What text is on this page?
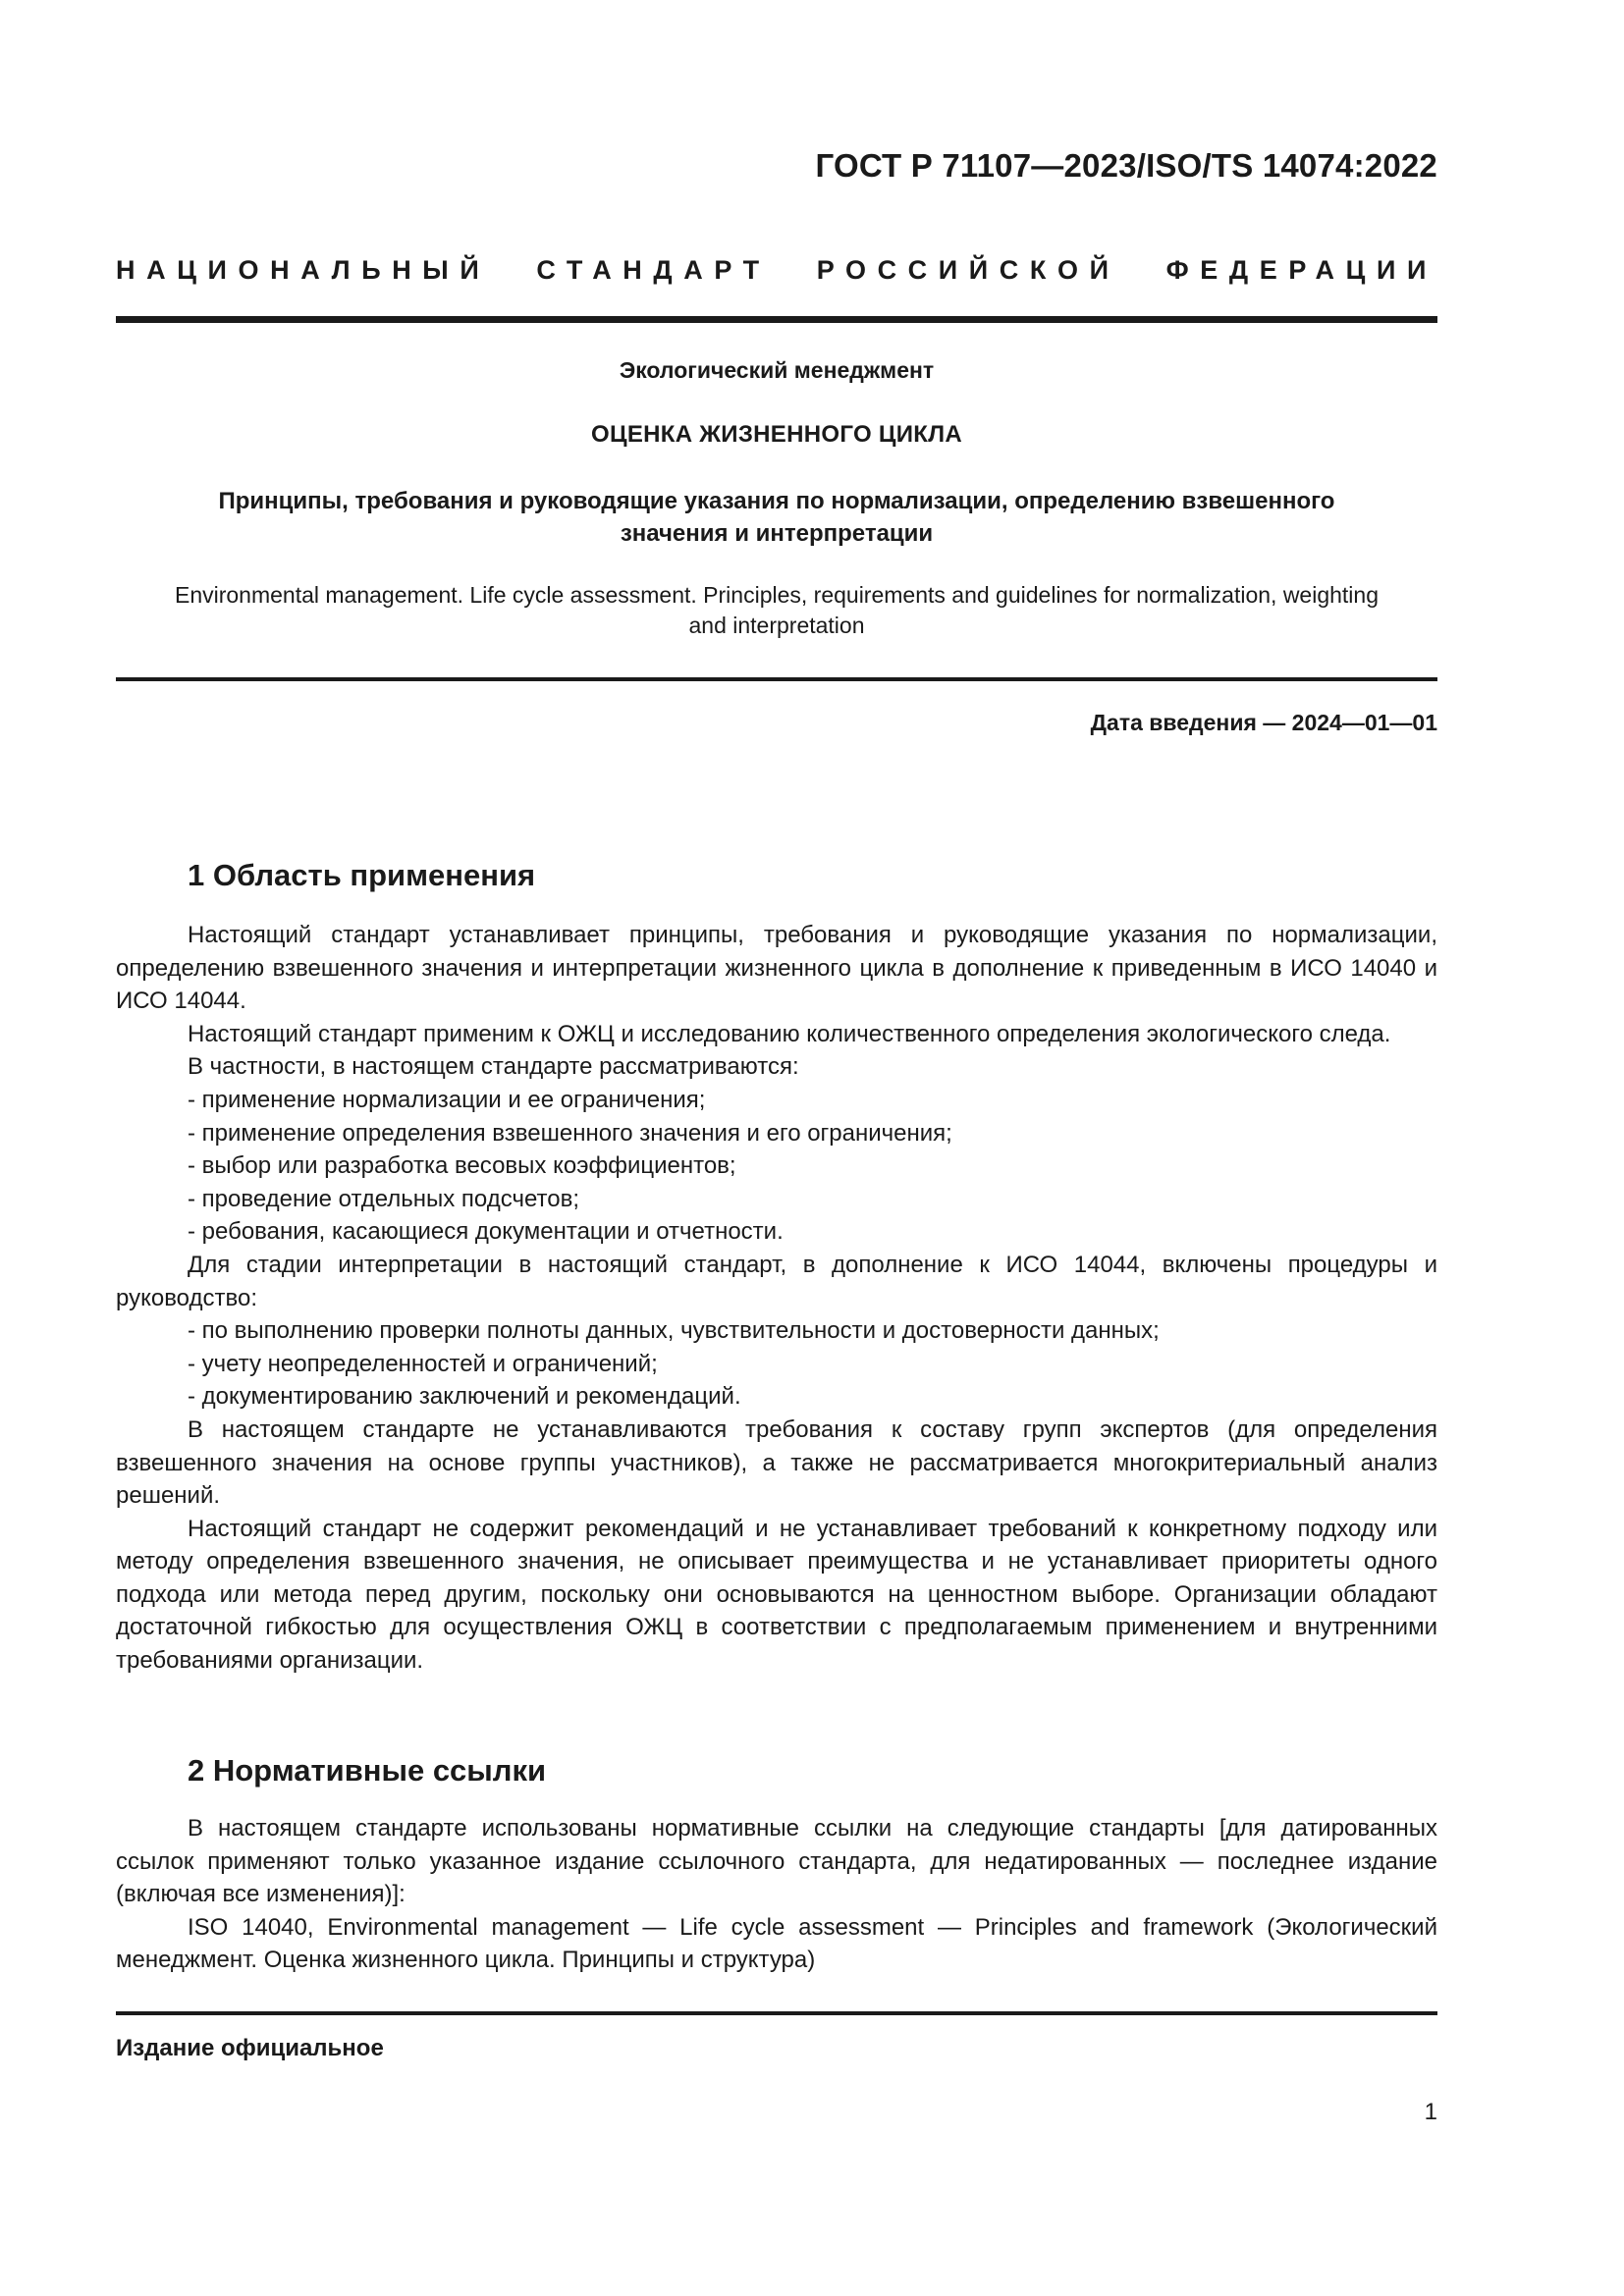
ГОСТ Р 71107—2023/ISO/TS 14074:2022
НАЦИОНАЛЬНЫЙ СТАНДАРТ РОССИЙСКОЙ ФЕДЕРАЦИИ
Экологический менеджмент
ОЦЕНКА ЖИЗНЕННОГО ЦИКЛА
Принципы, требования и руководящие указания по нормализации, определению взвешенного
значения и интерпретации
Environmental management. Life cycle assessment. Principles, requirements and guidelines for normalization, weighting
and interpretation
Дата введения — 2024—01—01
1 Область применения

Настоящий стандарт устанавливает принципы, требования и руководящие указания по нормализации, определению взвешенного значения и интерпретации жизненного цикла в дополнение к приведенным в ИСО 14040 и ИСО 14044.

Настоящий стандарт применим к ОЖЦ и исследованию количественного определения экологического следа.

В частности, в настоящем стандарте рассматриваются:

- применение нормализации и ее ограничения;
- применение определения взвешенного значения и его ограничения;
- выбор или разработка весовых коэффициентов;
- проведение отдельных подсчетов;
- ребования, касающиеся документации и отчетности.

Для стадии интерпретации в настоящий стандарт, в дополнение к ИСО 14044, включены процедуры и руководство:

- по выполнению проверки полноты данных, чувствительности и достоверности данных;
- учету неопределенностей и ограничений;
- документированию заключений и рекомендаций.

В настоящем стандарте не устанавливаются требования к составу групп экспертов (для определения взвешенного значения на основе группы участников), а также не рассматривается многокритериальный анализ решений.

Настоящий стандарт не содержит рекомендаций и не устанавливает требований к конкретному подходу или методу определения взвешенного значения, не описывает преимущества и не устанавливает приоритеты одного подхода или метода перед другим, поскольку они основываются на ценностном выборе. Организации обладают достаточной гибкостью для осуществления ОЖЦ в соответствии с предполагаемым применением и внутренними требованиями организации.

2 Нормативные ссылки

В настоящем стандарте использованы нормативные ссылки на следующие стандарты [для датированных ссылок применяют только указанное издание ссылочного стандарта, для недатированных — последнее издание (включая все изменения)]:

ISO 14040, Environmental management — Life cycle assessment — Principles and framework (Экологический менеджмент. Оценка жизненного цикла. Принципы и структура)

Издание официальное
1
